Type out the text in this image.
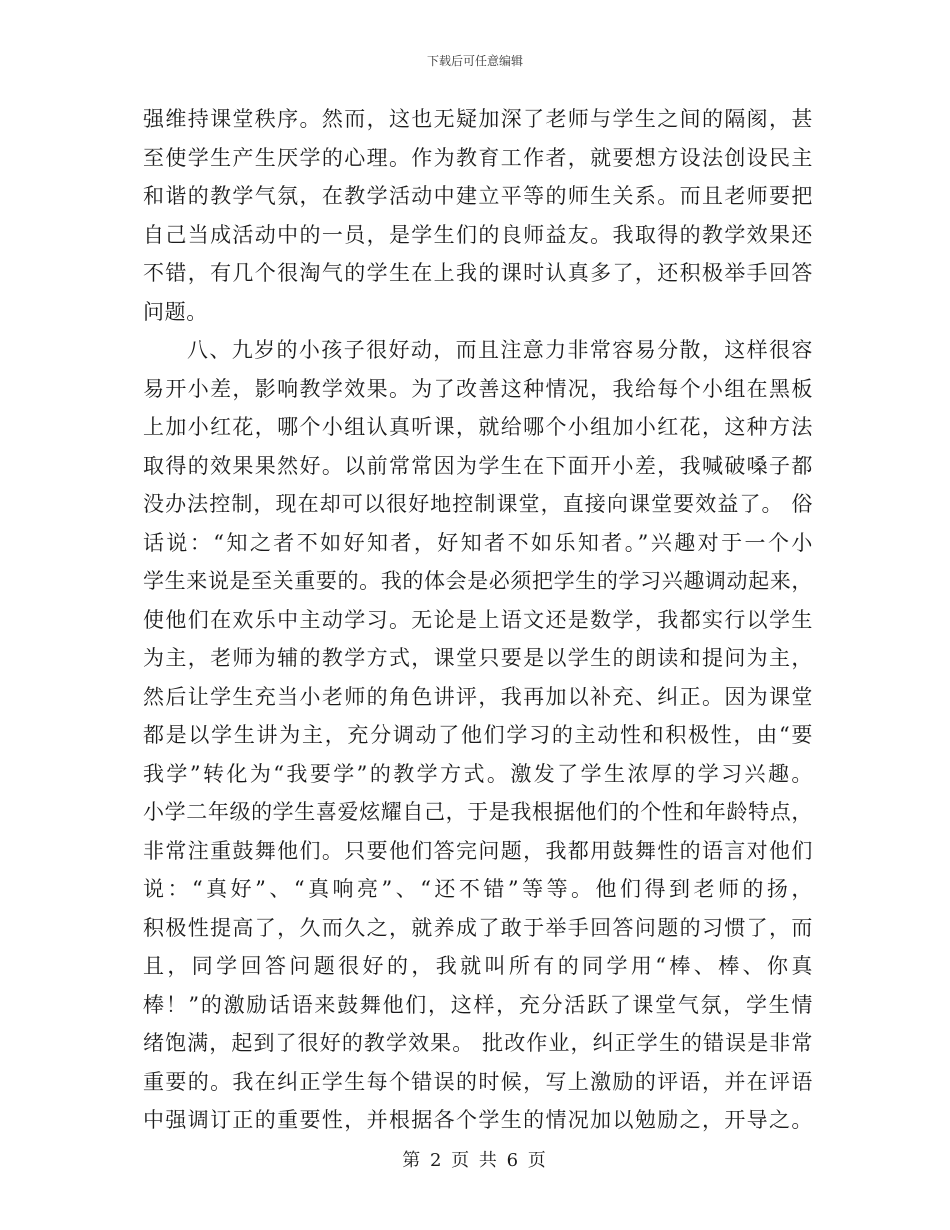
下载后可任意编辑
强维持课堂秩序。然而，这也无疑加深了老师与学生之间的隔阂，甚
至使学生产生厌学的心理。作为教育工作者，就要想方设法创设民主
和谐的教学气氛，在教学活动中建立平等的师生关系。而且老师要把
自己当成活动中的一员，是学生们的良师益友。我取得的教学效果还
不错，有几个很淘气的学生在上我的课时认真多了，还积极举手回答
问题。
八、九岁的小孩子很好动，而且注意力非常容易分散，这样很容
易开小差，影响教学效果。为了改善这种情况，我给每个小组在黑板
上加小红花，哪个小组认真听课，就给哪个小组加小红花，这种方法
取得的效果果然好。以前常常因为学生在下面开小差，我喊破嗓子都
没办法控制，现在却可以很好地控制课堂，直接向课堂要效益了。 俗
话说：“知之者不如好知者，好知者不如乐知者。”兴趣对于一个小
学生来说是至关重要的。我的体会是必须把学生的学习兴趣调动起来，
使他们在欢乐中主动学习。无论是上语文还是数学，我都实行以学生
为主，老师为辅的教学方式，课堂只要是以学生的朗读和提问为主，
然后让学生充当小老师的角色讲评，我再加以补充、纠正。因为课堂
都是以学生讲为主，充分调动了他们学习的主动性和积极性，由“要
我学”转化为“我要学”的教学方式。激发了学生浓厚的学习兴趣。
小学二年级的学生喜爱炫耀自己，于是我根据他们的个性和年龄特点，
非常注重鼓舞他们。只要他们答完问题，我都用鼓舞性的语言对他们
说：“真好”、“真响亮”、“还不错”等等。他们得到老师的扬，
积极性提高了，久而久之，就养成了敢于举手回答问题的习惯了，而
且，同学回答问题很好的，我就叫所有的同学用“棒、棒、你真
棒！”的激励话语来鼓舞他们，这样，充分活跃了课堂气氛，学生情
绪饱满，起到了很好的教学效果。 批改作业，纠正学生的错误是非常
重要的。我在纠正学生每个错误的时候，写上激励的评语，并在评语
中强调订正的重要性，并根据各个学生的情况加以勉励之，开导之。
第 2 页 共 6 页
